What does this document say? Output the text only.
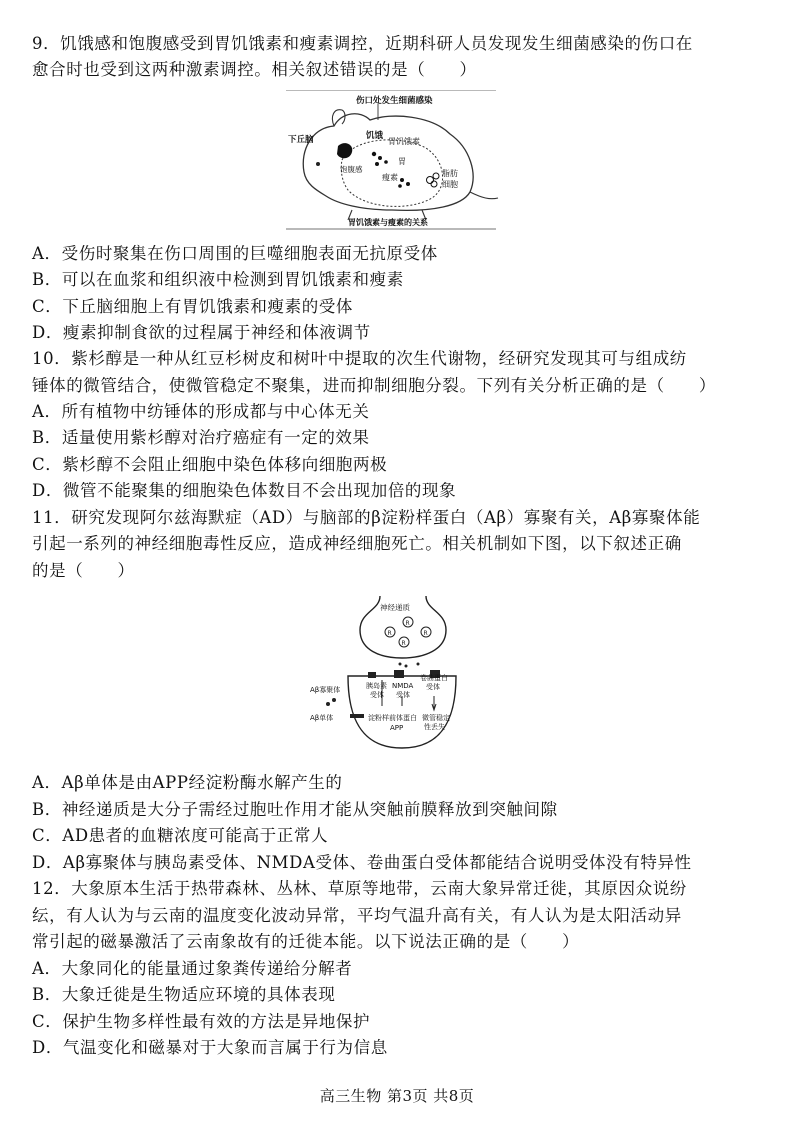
9．饥饿感和饱腹感受到胃饥饿素和瘦素调控，近期科研人员发现发生细菌感染的伤口在
愈合时也受到这两种激素调控。相关叙述错误的是（　　）
伤口处发生细菌感染
下丘脑
饱腹感
饥饿
胃饥饿素
胃
瘦素	脂肪
细胞
胃饥饿素与瘦素的关系
A．受伤时聚集在伤口周围的巨噬细胞表面无抗原受体
B．可以在血浆和组织液中检测到胃饥饿素和瘦素
C．下丘脑细胞上有胃饥饿素和瘦素的受体
D．瘦素抑制食欲的过程属于神经和体液调节
10．紫杉醇是一种从红豆杉树皮和树叶中提取的次生代谢物，经研究发现其可与组成纺
锤体的微管结合，使微管稳定不聚集，进而抑制细胞分裂。下列有关分析正确的是（　　）
A．所有植物中纺锤体的形成都与中心体无关
B．适量使用紫杉醇对治疗癌症有一定的效果
C．紫杉醇不会阻止细胞中染色体移向细胞两极
D．微管不能聚集的细胞染色体数目不会出现加倍的现象
11．研究发现阿尔兹海默症（AD）与脑部的β淀粉样蛋白（Aβ）寡聚有关，Aβ寡聚体能
引起一系列的神经细胞毒性反应，造成神经细胞死亡。相关机制如下图，以下叙述正确
的是（　　）
R
R
R
R
神经递质
Aβ寡聚体
Aβ单体
胰岛素
受体
NMDA
受体
卷曲蛋白
受体
淀粉样前体蛋白
APP
微管稳定
性丢失
A．Aβ单体是由APP经淀粉酶水解产生的
B．神经递质是大分子需经过胞吐作用才能从突触前膜释放到突触间隙
C．AD患者的血糖浓度可能高于正常人
D．Aβ寡聚体与胰岛素受体、NMDA受体、卷曲蛋白受体都能结合说明受体没有特异性
12．大象原本生活于热带森林、丛林、草原等地带，云南大象异常迁徙，其原因众说纷
纭，有人认为与云南的温度变化波动异常，平均气温升高有关，有人认为是太阳活动异
常引起的磁暴激活了云南象故有的迁徙本能。以下说法正确的是（　　）
A．大象同化的能量通过象粪传递给分解者
B．大象迁徙是生物适应环境的具体表现
C．保护生物多样性最有效的方法是异地保护
D．气温变化和磁暴对于大象而言属于行为信息
高三生物 第3页 共8页
